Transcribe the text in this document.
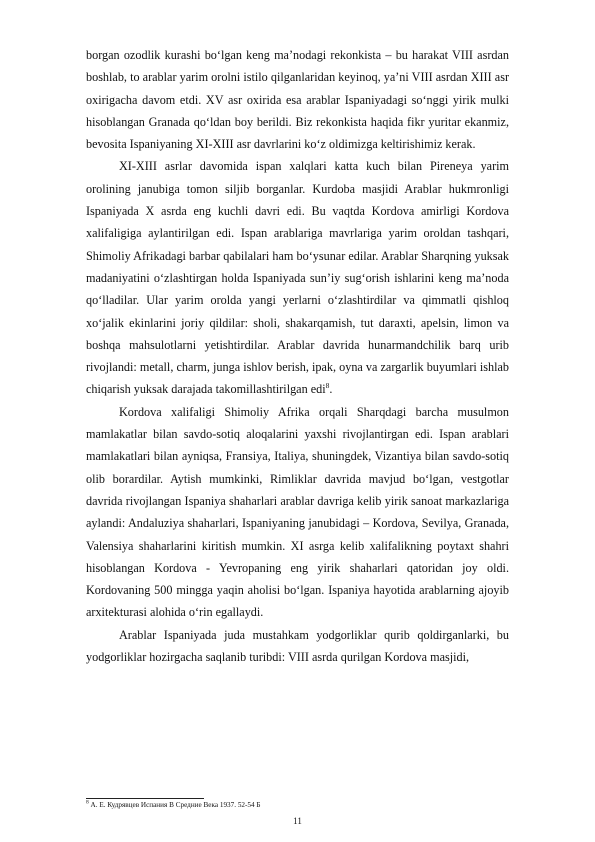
borgan ozodlik kurashi bo‘lgan keng ma’nodagi rekonkista – bu harakat VIII asrdan boshlab, to arablar yarim orolni istilo qilganlaridan keyinoq, ya’ni VIII asrdan XIII asr oxirigacha davom etdi. XV asr oxirida esa arablar Ispaniyadagi so‘nggi yirik mulki hisoblangan Granada qo‘ldan boy berildi. Biz rekonkista haqida fikr yuritar ekanmiz, bevosita Ispaniyaning XI-XIII asr davrlarini ko‘z oldimizga keltirishimiz kerak.

XI-XIII asrlar davomida ispan xalqlari katta kuch bilan Pireneya yarim orolining janubiga tomon siljib borganlar. Kurdoba masjidi Arablar hukmronligi Ispaniyada X asrda eng kuchli davri edi. Bu vaqtda Kordova amirligi Kordova xalifaligiga aylantirilgan edi. Ispan arablariga mavrlariga yarim oroldan tashqari, Shimoliy Afrikadagi barbar qabilalari ham bo‘ysunar edilar. Arablar Sharqning yuksak madaniyatini o‘zlashtirgan holda Ispaniyada sun’iy sug‘orish ishlarini keng ma’noda qo‘lladilar. Ular yarim orolda yangi yerlarni o‘zlashtirdilar va qimmatli qishloq xo‘jalik ekinlarini joriy qildilar: sholi, shakarqamish, tut daraxti, apelsin, limon va boshqa mahsulotlarni yetishtirdilar. Arablar davrida hunarmandchilik barq urib rivojlandi: metall, charm, junga ishlov berish, ipak, oyna va zargarlik buyumlari ishlab chiqarish yuksak darajada takomillashtirilgan edi$^8$.

Kordova xalifaligi Shimoliy Afrika orqali Sharqdagi barcha musulmon mamlakatlar bilan savdo-sotiq aloqalarini yaxshi rivojlantirgan edi. Ispan arablari mamlakatlari bilan ayniqsa, Fransiya, Italiya, shuningdek, Vizantiya bilan savdo-sotiq olib borardilar. Aytish mumkinki, Rimliklar davrida mavjud bo‘lgan, vestgotlar davrida rivojlangan Ispaniya shaharlari arablar davriga kelib yirik sanoat markazlariga aylandi: Andaluziya shaharlari, Ispaniyaning janubidagi – Kordova, Sevilya, Granada, Valensiya shaharlarini kiritish mumkin. XI asrga kelib xalifalikning poytaxt shahri hisoblangan Kordova - Yevropaning eng yirik shaharlari qatoridan joy oldi. Kordovaning 500 mingga yaqin aholisi bo‘lgan. Ispaniya hayotida arablarning ajoyib arxitekturasi alohida o‘rin egallaydi.

Arablar Ispaniyada juda mustahkam yodgorliklar qurib qoldirganlarki, bu yodgorliklar hozirgacha saqlanib turibdi: VIII asrda qurilgan Kordova masjidi,

$^8$ А. Е. Кудрявцев Испания В Средние Века 1937. 52-54 Б
11
